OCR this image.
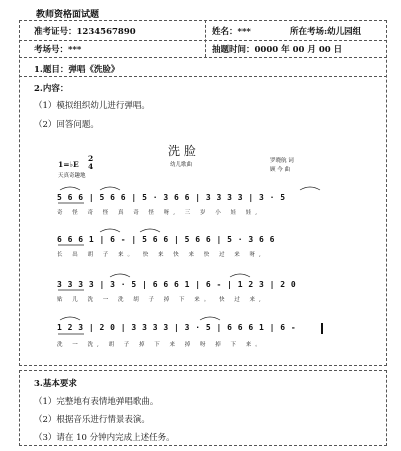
教师资格面试题
准考证号：1234567890	姓名：***	所在考场:幼儿园组
考场号：***	抽题时间：0000 年 00 月 00 日
1.题目：弹唱《洗脸》
2.内容：
（1）模拟组织幼儿进行弹唱。
（2）回答问题。
洗 脸
1=♭E
2
4
天真奇趣地
幼儿歌曲
罗晓航 词
顾 今 曲
5 6 6 | 5 6 6 | 5 · 3 6 6 | 3 3 3 3 | 3 · 5
奇 怪 奇 怪 真 奇 怪 呀, 三 岁 小 娃 娃,
6 6 6 1 | 6 - | 5 6 6 | 5 6 6 | 5 · 3 6 6
长 出 胡 子 来。 快 来 快 来 快 过 来 呀,
3 3 3 3 | 3 · 5 | 6 6 6 1 | 6 - | 1 2 3 | 2 0
贴 儿 洗 一 洗 胡 子 掉 下 来。 快 过 来,
1 2 3 | 2 0 | 3 3 3 3 | 3 · 5 | 6 6 6 1 | 6 -
洗 一 洗, 胡 子 掉 下 来 掉 呀 掉 下 来。
3.基本要求
（1）完整地有表情地弹唱歌曲。
（2）根据音乐进行情景表演。
（3）请在 10 分钟内完成上述任务。
